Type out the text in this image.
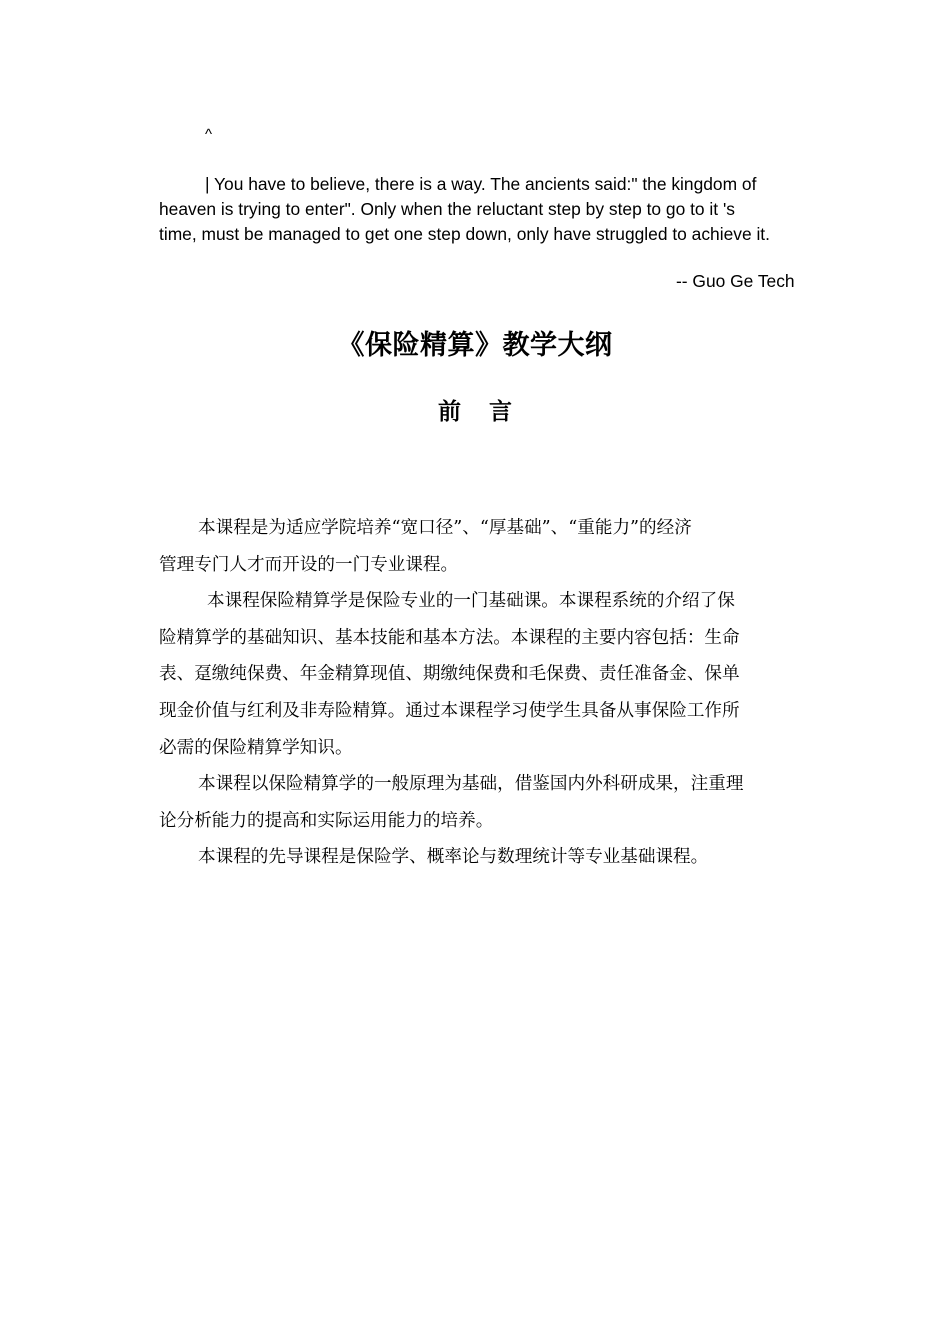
^

| You have to believe, there is a way. The ancients said:" the kingdom of
heaven is trying to enter". Only when the reluctant step by step to go to it 's
time, must be managed to get one step down, only have struggled to achieve it.

-- Guo Ge Tech
《保险精算》教学大纲
前言
本课程是为适应学院培养“宽口径”、“厚基础”、“重能力”的经济
管理专门人才而开设的一门专业课程。
本课程保险精算学是保险专业的一门基础课。本课程系统的介绍了保
险精算学的基础知识、基本技能和基本方法。本课程的主要内容包括：生命
表、趸缴纯保费、年金精算现值、期缴纯保费和毛保费、责任准备金、保单
现金价值与红利及非寿险精算。通过本课程学习使学生具备从事保险工作所
必需的保险精算学知识。
本课程以保险精算学的一般原理为基础，借鉴国内外科研成果，注重理
论分析能力的提高和实际运用能力的培养。
本课程的先导课程是保险学、概率论与数理统计等专业基础课程。
